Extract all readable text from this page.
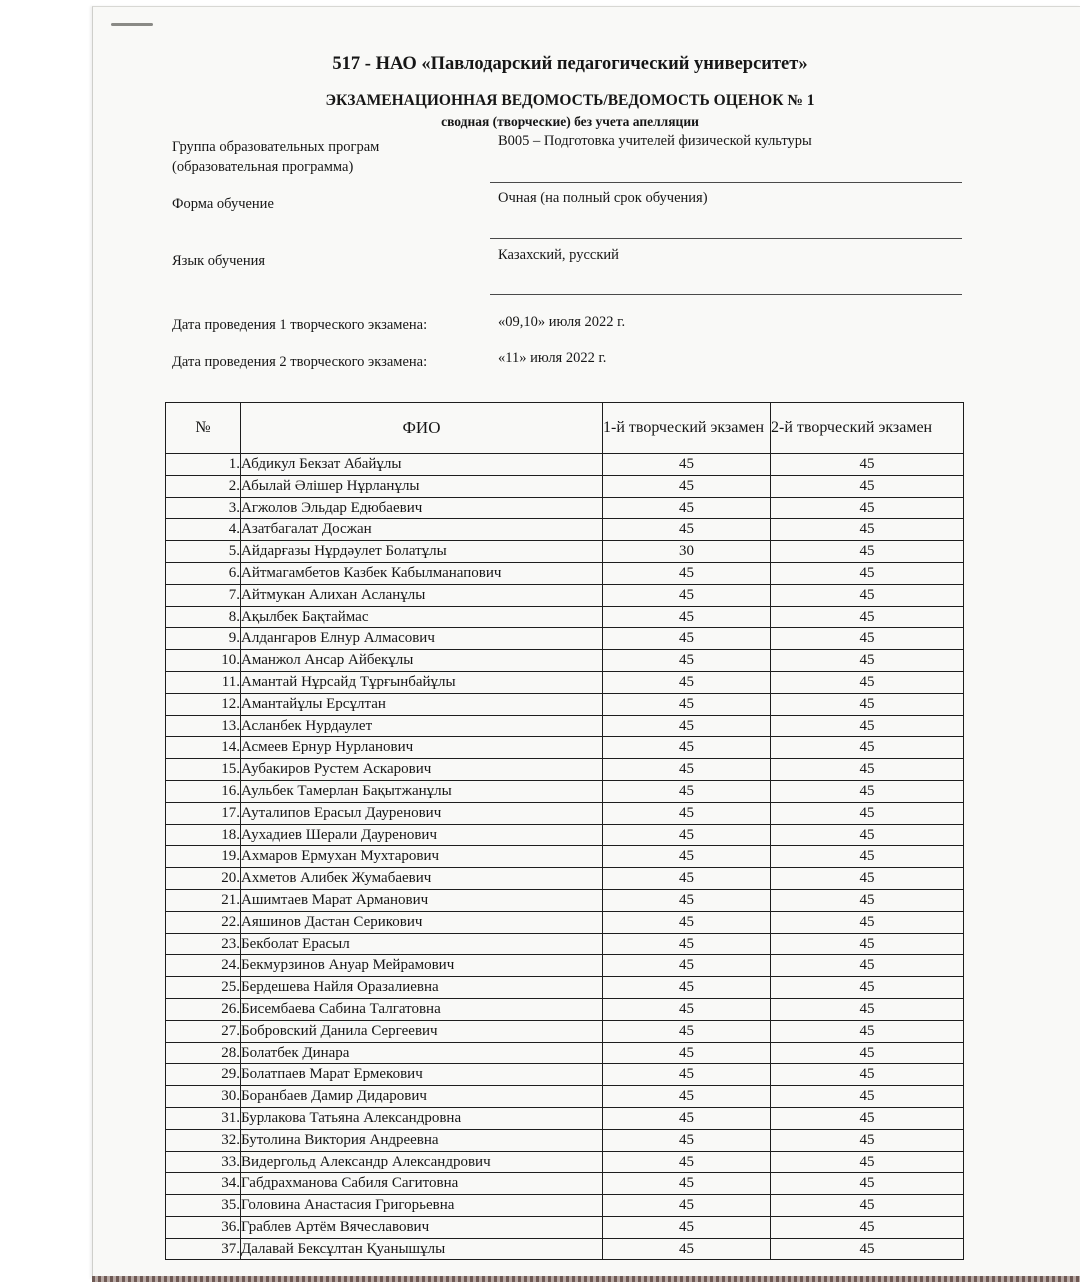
517 - НАО «Павлодарский педагогический университет»
ЭКЗАМЕНАЦИОННАЯ ВЕДОМОСТЬ/ВЕДОМОСТЬ ОЦЕНОК № 1
сводная (творческие) без учета апелляции
Группа образовательных програм
(образовательная программа)
В005 – Подготовка учителей физической культуры
Форма обучение	Очная (на полный срок обучения)
Язык обучения	Казахский, русский
Дата проведения 1 творческого экзамена:	«09,10» июля 2022 г.
Дата проведения 2 творческого экзамена:	«11» июля 2022 г.
№	ФИО	1-й творческий экзамен	2-й творческий экзамен
1.	Абдикул Бекзат Абайұлы	45	45
2.	Абылай Әлішер Нұрланұлы	45	45
3.	Агжолов Эльдар Едюбаевич	45	45
4.	Азатбагалат Досжан	45	45
5.	Айдарғазы Нұрдәулет Болатұлы	30	45
6.	Айтмагамбетов Казбек Кабылманапович	45	45
7.	Айтмукан Алихан Асланұлы	45	45
8.	Ақылбек Бақтаймас	45	45
9.	Алдангаров Елнур Алмасович	45	45
10.	Аманжол Ансар Айбекұлы	45	45
11.	Амантай Нұрсайд Тұрғынбайұлы	45	45
12.	Амантайұлы Ерсұлтан	45	45
13.	Асланбек Нурдаулет	45	45
14.	Асмеев Ернур Нурланович	45	45
15.	Аубакиров Рустем Аскарович	45	45
16.	Аульбек Тамерлан Бақытжанұлы	45	45
17.	Ауталипов Ерасыл Дауренович	45	45
18.	Аухадиев Шерали Дауренович	45	45
19.	Ахмаров Ермухан Мухтарович	45	45
20.	Ахметов Алибек Жумабаевич	45	45
21.	Ашимтаев Марат Арманович	45	45
22.	Аяшинов Дастан Серикович	45	45
23.	Бекболат Ерасыл	45	45
24.	Бекмурзинов Ануар Мейрамович	45	45
25.	Бердешева Найля Оразалиевна	45	45
26.	Бисембаева Сабина Талгатовна	45	45
27.	Бобровский Данила Сергеевич	45	45
28.	Болатбек Динара	45	45
29.	Болатпаев Марат Ермекович	45	45
30.	Боранбаев Дамир Дидарович	45	45
31.	Бурлакова Татьяна Александровна	45	45
32.	Бутолина Виктория Андреевна	45	45
33.	Видергольд Александр Александрович	45	45
34.	Габдрахманова Сабиля Сагитовна	45	45
35.	Головина Анастасия Григорьевна	45	45
36.	Граблев Артём Вячеславович	45	45
37.	Далавай Бексұлтан Қуанышұлы	45	45
